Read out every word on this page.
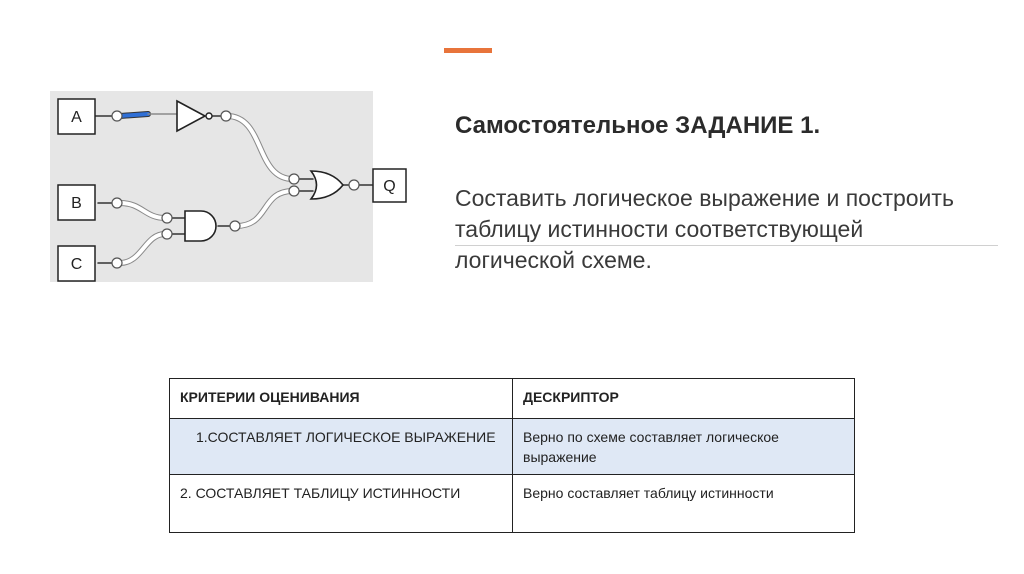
A
B
C
Q
Самостоятельное ЗАДАНИЕ 1.
Составить логическое выражение и построить таблицу истинности соответствующей логической схеме.
КРИТЕРИИ ОЦЕНИВАНИЯ	ДЕСКРИПТОР
1.СОСТАВЛЯЕТ ЛОГИЧЕСКОЕ ВЫРАЖЕНИЕ	Верно по схеме составляет логическое выражение
2. СОСТАВЛЯЕТ ТАБЛИЦУ ИСТИННОСТИ	Верно составляет таблицу истинности
